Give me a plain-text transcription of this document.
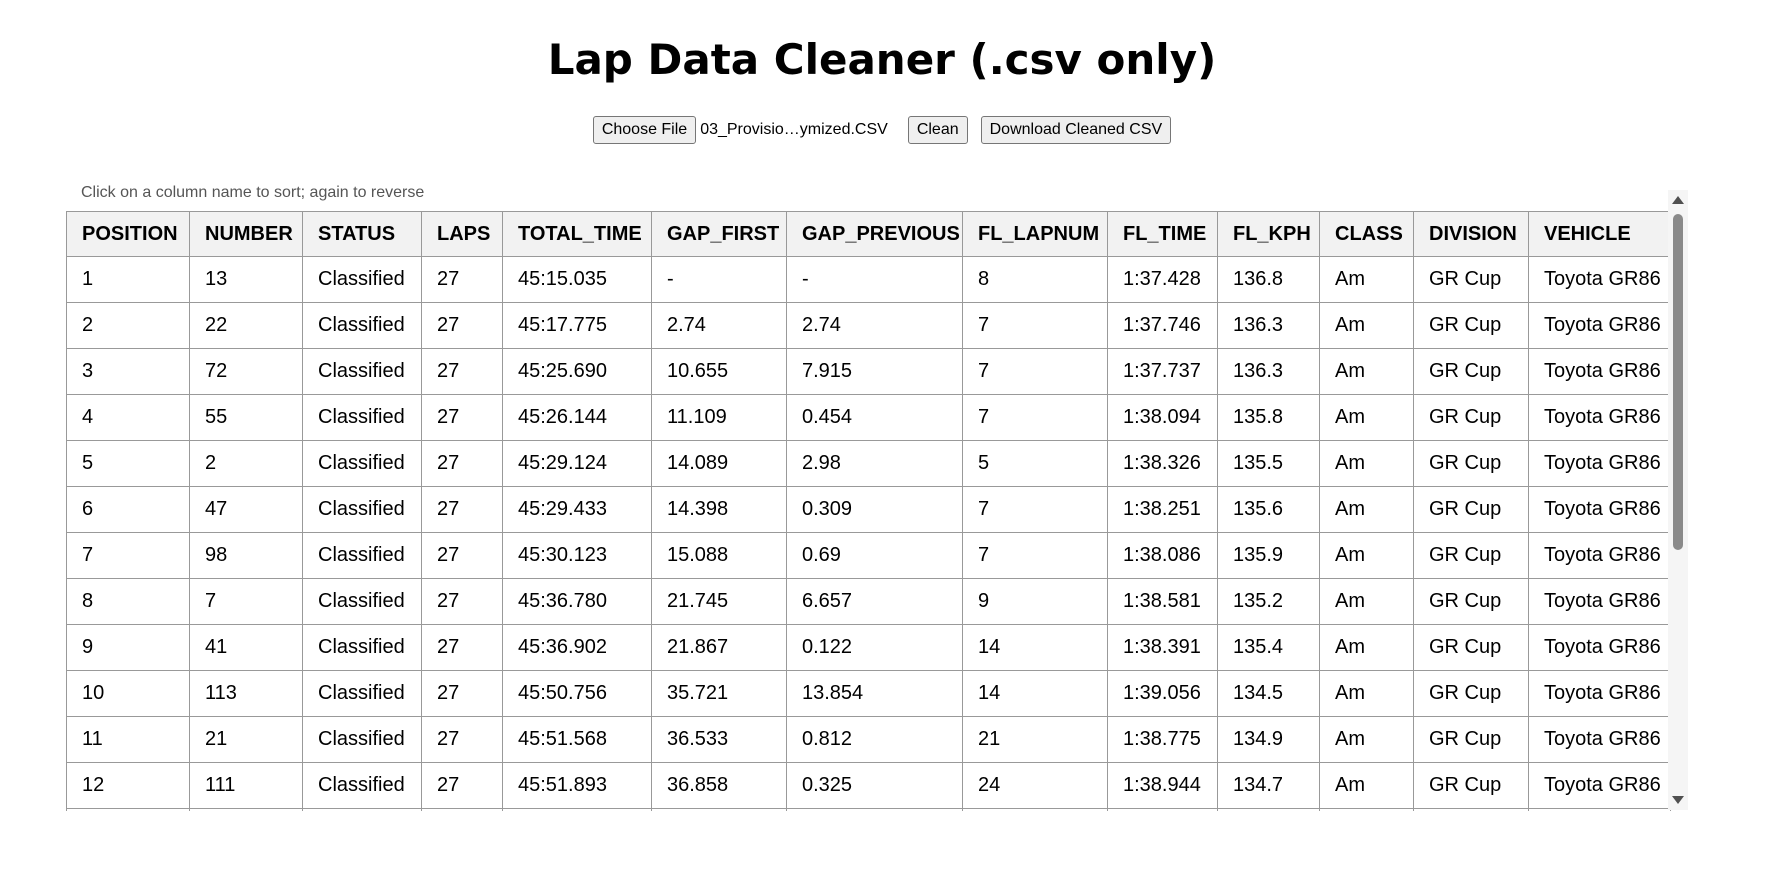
Lap Data Cleaner (.csv only)
Choose File 03_Provisio…ymized.CSV	Clean	Download Cleaned CSV
Click on a column name to sort; again to reverse
POSITION	NUMBER	STATUS	LAPS	TOTAL_TIME	GAP_FIRST	GAP_PREVIOUS	FL_LAPNUM	FL_TIME	FL_KPH	CLASS	DIVISION	VEHICLE
1	13	Classified	27	45:15.035	-	-	8	1:37.428	136.8	Am	GR Cup	Toyota GR86
2	22	Classified	27	45:17.775	2.74	2.74	7	1:37.746	136.3	Am	GR Cup	Toyota GR86
3	72	Classified	27	45:25.690	10.655	7.915	7	1:37.737	136.3	Am	GR Cup	Toyota GR86
4	55	Classified	27	45:26.144	11.109	0.454	7	1:38.094	135.8	Am	GR Cup	Toyota GR86
5	2	Classified	27	45:29.124	14.089	2.98	5	1:38.326	135.5	Am	GR Cup	Toyota GR86
6	47	Classified	27	45:29.433	14.398	0.309	7	1:38.251	135.6	Am	GR Cup	Toyota GR86
7	98	Classified	27	45:30.123	15.088	0.69	7	1:38.086	135.9	Am	GR Cup	Toyota GR86
8	7	Classified	27	45:36.780	21.745	6.657	9	1:38.581	135.2	Am	GR Cup	Toyota GR86
9	41	Classified	27	45:36.902	21.867	0.122	14	1:38.391	135.4	Am	GR Cup	Toyota GR86
10	113	Classified	27	45:50.756	35.721	13.854	14	1:39.056	134.5	Am	GR Cup	Toyota GR86
11	21	Classified	27	45:51.568	36.533	0.812	21	1:38.775	134.9	Am	GR Cup	Toyota GR86
12	111	Classified	27	45:51.893	36.858	0.325	24	1:38.944	134.7	Am	GR Cup	Toyota GR86
